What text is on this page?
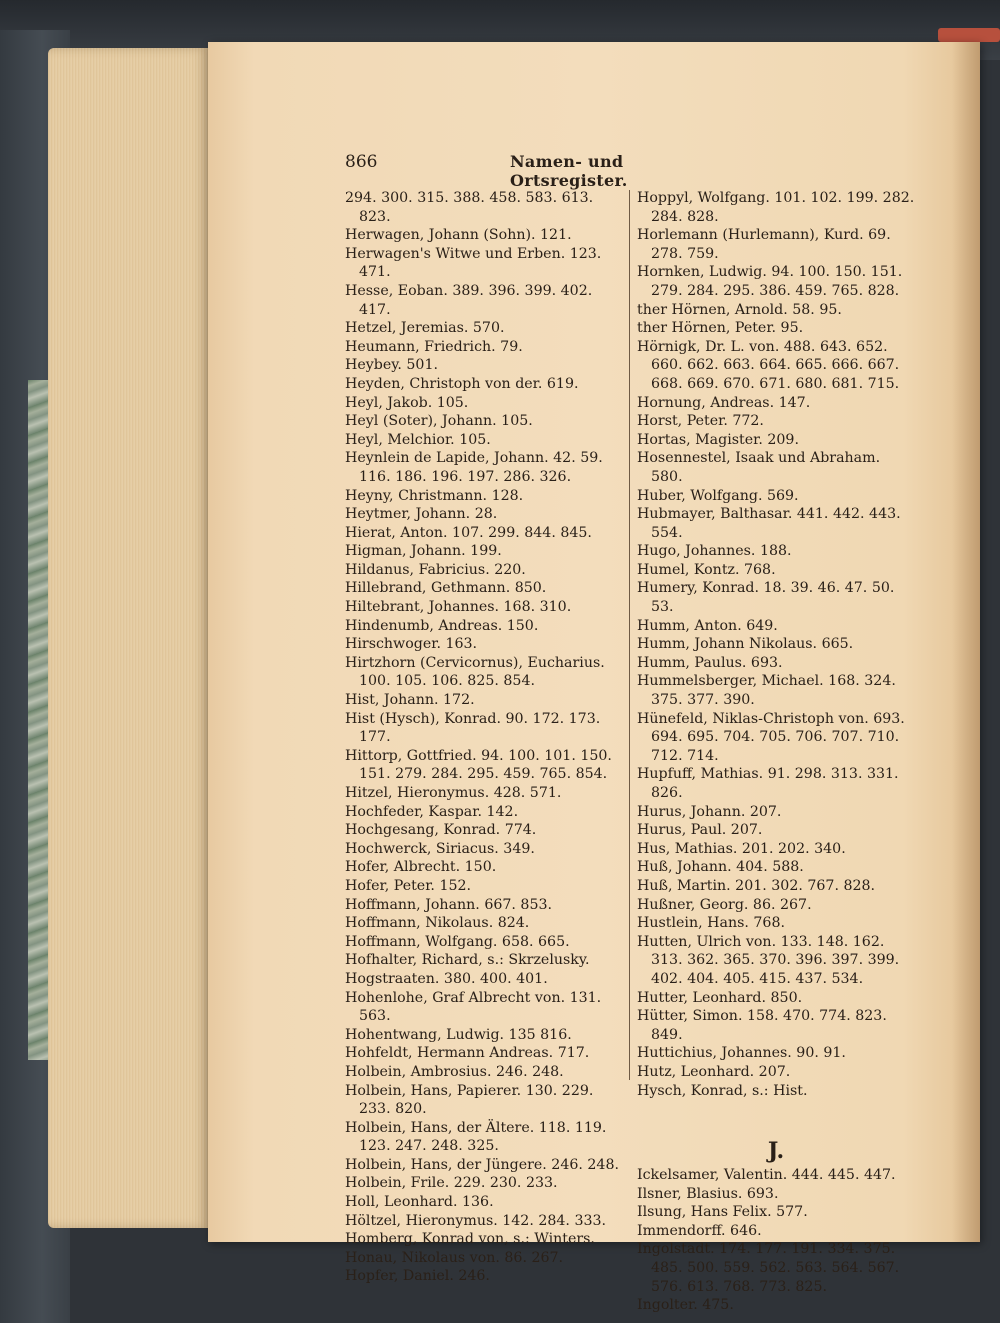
866	Namen- und Ortsregister.
294. 300. 315. 388. 458. 583. 613. 823.
Herwagen, Johann (Sohn). 121.
Herwagen's Witwe und Erben. 123. 471.
Hesse, Eoban. 389. 396. 399. 402. 417.
Hetzel, Jeremias. 570.
Heumann, Friedrich. 79.
Heybey. 501.
Heyden, Christoph von der. 619.
Heyl, Jakob. 105.
Heyl (Soter), Johann. 105.
Heyl, Melchior. 105.
Heynlein de Lapide, Johann. 42. 59. 116. 186. 196. 197. 286. 326.
Heyny, Christmann. 128.
Heytmer, Johann. 28.
Hierat, Anton. 107. 299. 844. 845.
Higman, Johann. 199.
Hildanus, Fabricius. 220.
Hillebrand, Gethmann. 850.
Hiltebrant, Johannes. 168. 310.
Hindenumb, Andreas. 150.
Hirschwoger. 163.
Hirtzhorn (Cervicornus), Eucharius. 100. 105. 106. 825. 854.
Hist, Johann. 172.
Hist (Hysch), Konrad. 90. 172. 173. 177.
Hittorp, Gottfried. 94. 100. 101. 150. 151. 279. 284. 295. 459. 765. 854.
Hitzel, Hieronymus. 428. 571.
Hochfeder, Kaspar. 142.
Hochgesang, Konrad. 774.
Hochwerck, Siriacus. 349.
Hofer, Albrecht. 150.
Hofer, Peter. 152.
Hoffmann, Johann. 667. 853.
Hoffmann, Nikolaus. 824.
Hoffmann, Wolfgang. 658. 665.
Hofhalter, Richard, s.: Skrzelusky.
Hogstraaten. 380. 400. 401.
Hohenlohe, Graf Albrecht von. 131. 563.
Hohentwang, Ludwig. 135 816.
Hohfeldt, Hermann Andreas. 717.
Holbein, Ambrosius. 246. 248.
Holbein, Hans, Papierer. 130. 229. 233. 820.
Holbein, Hans, der Ältere. 118. 119. 123. 247. 248. 325.
Holbein, Hans, der Jüngere. 246. 248.
Holbein, Frile. 229. 230. 233.
Holl, Leonhard. 136.
Höltzel, Hieronymus. 142. 284. 333.
Homberg, Konrad von, s.: Winters.
Honau, Nikolaus von. 86. 267.
Hopfer, Daniel. 246.
Hoppyl, Wolfgang. 101. 102. 199. 282. 284. 828.
Horlemann (Hurlemann), Kurd. 69. 278. 759.
Hornken, Ludwig. 94. 100. 150. 151. 279. 284. 295. 386. 459. 765. 828.
ther Hörnen, Arnold. 58. 95.
ther Hörnen, Peter. 95.
Hörnigk, Dr. L. von. 488. 643. 652. 660. 662. 663. 664. 665. 666. 667. 668. 669. 670. 671. 680. 681. 715.
Hornung, Andreas. 147.
Horst, Peter. 772.
Hortas, Magister. 209.
Hosennestel, Isaak und Abraham. 580.
Huber, Wolfgang. 569.
Hubmayer, Balthasar. 441. 442. 443. 554.
Hugo, Johannes. 188.
Humel, Kontz. 768.
Humery, Konrad. 18. 39. 46. 47. 50. 53.
Humm, Anton. 649.
Humm, Johann Nikolaus. 665.
Humm, Paulus. 693.
Hummelsberger, Michael. 168. 324. 375. 377. 390.
Hünefeld, Niklas-Christoph von. 693. 694. 695. 704. 705. 706. 707. 710. 712. 714.
Hupfuff, Mathias. 91. 298. 313. 331. 826.
Hurus, Johann. 207.
Hurus, Paul. 207.
Hus, Mathias. 201. 202. 340.
Huß, Johann. 404. 588.
Huß, Martin. 201. 302. 767. 828.
Hußner, Georg. 86. 267.
Hustlein, Hans. 768.
Hutten, Ulrich von. 133. 148. 162. 313. 362. 365. 370. 396. 397. 399. 402. 404. 405. 415. 437. 534.
Hutter, Leonhard. 850.
Hütter, Simon. 158. 470. 774. 823. 849.
Huttichius, Johannes. 90. 91.
Hutz, Leonhard. 207.
Hysch, Konrad, s.: Hist.
J.
Ickelsamer, Valentin. 444. 445. 447.
Ilsner, Blasius. 693.
Ilsung, Hans Felix. 577.
Immendorff. 646.
Ingolstadt. 174. 177. 191. 334. 375. 485. 500. 559. 562. 563. 564. 567. 576. 613. 768. 773. 825.
Ingolter. 475.
